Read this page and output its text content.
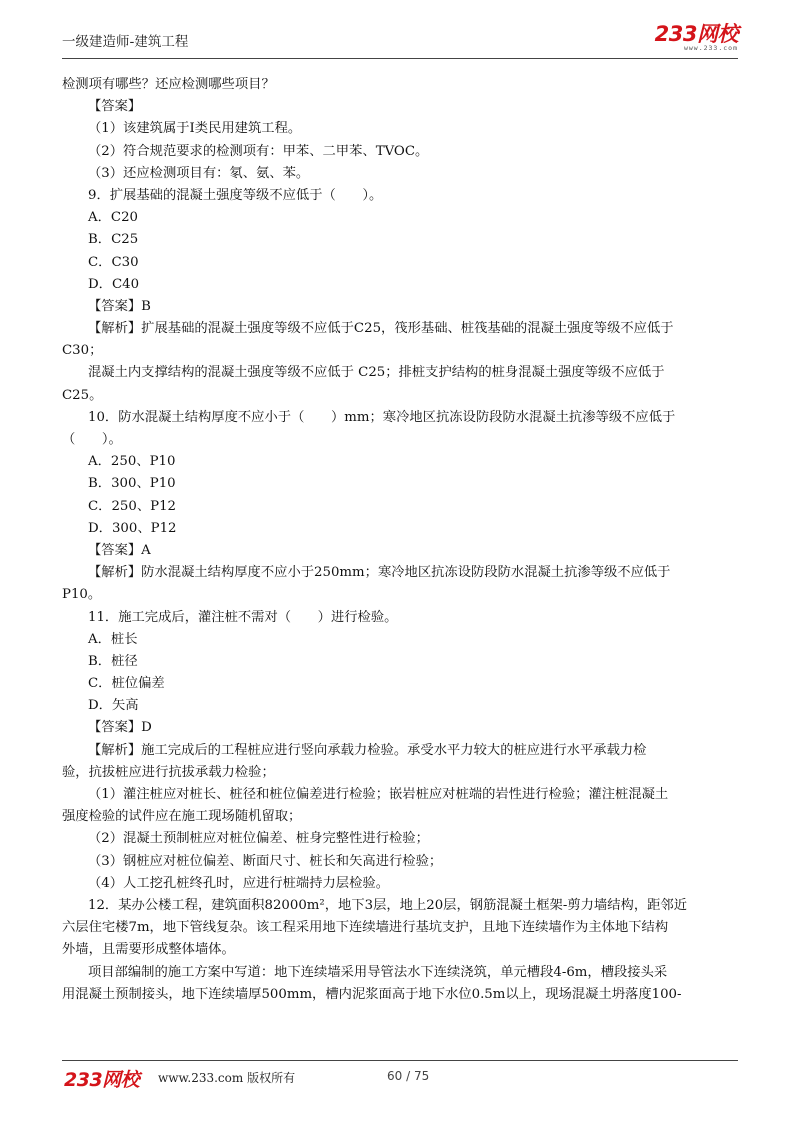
一级建造师-建筑工程	233网校
www.233.com
检测项有哪些？还应检测哪些项目？
【答案】
（1）该建筑属于Ⅰ类民用建筑工程。
（2）符合规范要求的检测项有：甲苯、二甲苯、TVOC。
（3）还应检测项目有：氡、氨、苯。
9．扩展基础的混凝土强度等级不应低于（　　）。
A．C20
B．C25
C．C30
D．C40
【答案】B
【解析】扩展基础的混凝土强度等级不应低于C25，筏形基础、桩筏基础的混凝土强度等级不应低于
C30；
混凝土内支撑结构的混凝土强度等级不应低于 C25；排桩支护结构的桩身混凝土强度等级不应低于
C25。
10．防水混凝土结构厚度不应小于（　　）mm；寒冷地区抗冻设防段防水混凝土抗渗等级不应低于
（　　）。
A．250、P10
B．300、P10
C．250、P12
D．300、P12
【答案】A
【解析】防水混凝土结构厚度不应小于250mm；寒冷地区抗冻设防段防水混凝土抗渗等级不应低于
P10。
11．施工完成后，灌注桩不需对（　　）进行检验。
A．桩长
B．桩径
C．桩位偏差
D．矢高
【答案】D
【解析】施工完成后的工程桩应进行竖向承载力检验。承受水平力较大的桩应进行水平承载力检
验，抗拔桩应进行抗拔承载力检验；
（1）灌注桩应对桩长、桩径和桩位偏差进行检验；嵌岩桩应对桩端的岩性进行检验；灌注桩混凝土
强度检验的试件应在施工现场随机留取；
（2）混凝土预制桩应对桩位偏差、桩身完整性进行检验；
（3）钢桩应对桩位偏差、断面尺寸、桩长和矢高进行检验；
（4）人工挖孔桩终孔时，应进行桩端持力层检验。
12．某办公楼工程，建筑面积82000m²，地下3层，地上20层，钢筋混凝土框架-剪力墙结构，距邻近
六层住宅楼7m，地下管线复杂。该工程采用地下连续墙进行基坑支护，且地下连续墙作为主体地下结构
外墙，且需要形成整体墙体。
项目部编制的施工方案中写道：地下连续墙采用导管法水下连续浇筑，单元槽段4-6m，槽段接头采
用混凝土预制接头，地下连续墙厚500mm，槽内泥浆面高于地下水位0.5m以上，现场混凝土坍落度100-
233网校 www.233.com 版权所有	60 / 75
